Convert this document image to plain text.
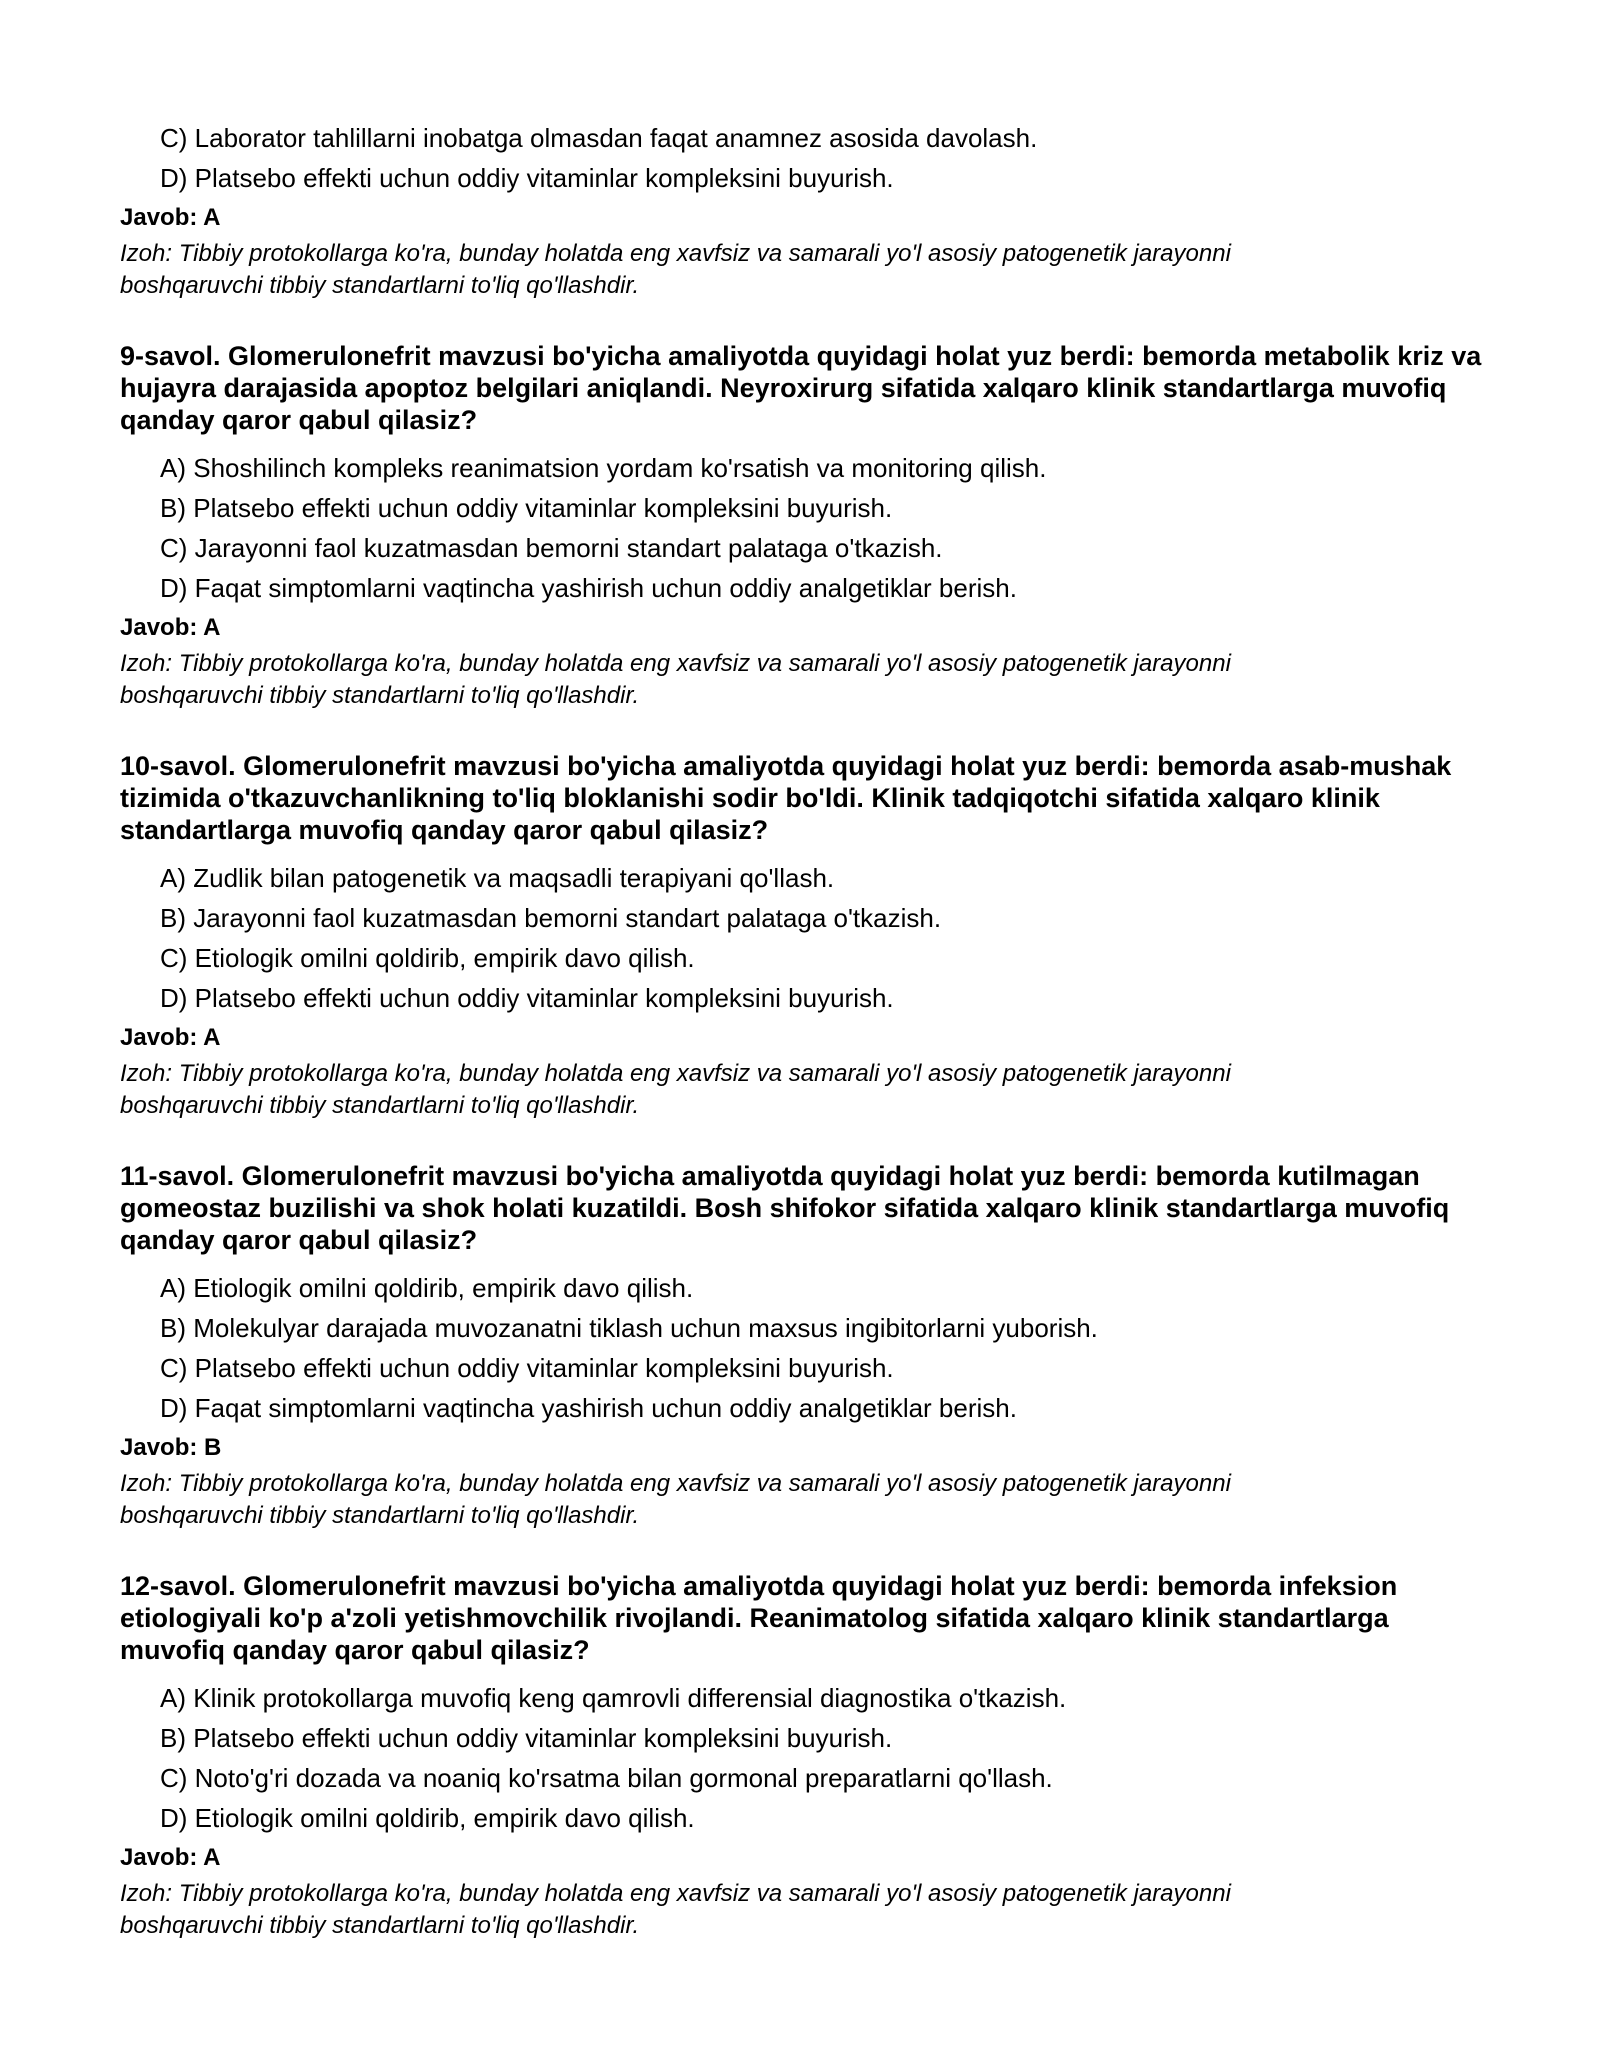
C) Laborator tahlillarni inobatga olmasdan faqat anamnez asosida davolash.
D) Platsebo effekti uchun oddiy vitaminlar kompleksini buyurish.
Javob: A
Izoh: Tibbiy protokollarga ko'ra, bunday holatda eng xavfsiz va samarali yo'l asosiy patogenetik jarayonni boshqaruvchi tibbiy standartlarni to'liq qo'llashdir.
9-savol. Glomerulonefrit mavzusi bo'yicha amaliyotda quyidagi holat yuz berdi: bemorda metabolik kriz va hujayra darajasida apoptoz belgilari aniqlandi. Neyroxirurg sifatida xalqaro klinik standartlarga muvofiq qanday qaror qabul qilasiz?
A) Shoshilinch kompleks reanimatsion yordam ko'rsatish va monitoring qilish.
B) Platsebo effekti uchun oddiy vitaminlar kompleksini buyurish.
C) Jarayonni faol kuzatmasdan bemorni standart palataga o'tkazish.
D) Faqat simptomlarni vaqtincha yashirish uchun oddiy analgetiklar berish.
Javob: A
Izoh: Tibbiy protokollarga ko'ra, bunday holatda eng xavfsiz va samarali yo'l asosiy patogenetik jarayonni boshqaruvchi tibbiy standartlarni to'liq qo'llashdir.
10-savol. Glomerulonefrit mavzusi bo'yicha amaliyotda quyidagi holat yuz berdi: bemorda asab-mushak tizimida o'tkazuvchanlikning to'liq bloklanishi sodir bo'ldi. Klinik tadqiqotchi sifatida xalqaro klinik standartlarga muvofiq qanday qaror qabul qilasiz?
A) Zudlik bilan patogenetik va maqsadli terapiyani qo'llash.
B) Jarayonni faol kuzatmasdan bemorni standart palataga o'tkazish.
C) Etiologik omilni qoldirib, empirik davo qilish.
D) Platsebo effekti uchun oddiy vitaminlar kompleksini buyurish.
Javob: A
Izoh: Tibbiy protokollarga ko'ra, bunday holatda eng xavfsiz va samarali yo'l asosiy patogenetik jarayonni boshqaruvchi tibbiy standartlarni to'liq qo'llashdir.
11-savol. Glomerulonefrit mavzusi bo'yicha amaliyotda quyidagi holat yuz berdi: bemorda kutilmagan gomeostaz buzilishi va shok holati kuzatildi. Bosh shifokor sifatida xalqaro klinik standartlarga muvofiq qanday qaror qabul qilasiz?
A) Etiologik omilni qoldirib, empirik davo qilish.
B) Molekulyar darajada muvozanatni tiklash uchun maxsus ingibitorlarni yuborish.
C) Platsebo effekti uchun oddiy vitaminlar kompleksini buyurish.
D) Faqat simptomlarni vaqtincha yashirish uchun oddiy analgetiklar berish.
Javob: B
Izoh: Tibbiy protokollarga ko'ra, bunday holatda eng xavfsiz va samarali yo'l asosiy patogenetik jarayonni boshqaruvchi tibbiy standartlarni to'liq qo'llashdir.
12-savol. Glomerulonefrit mavzusi bo'yicha amaliyotda quyidagi holat yuz berdi: bemorda infeksion etiologiyali ko'p a'zoli yetishmovchilik rivojlandi. Reanimatolog sifatida xalqaro klinik standartlarga muvofiq qanday qaror qabul qilasiz?
A) Klinik protokollarga muvofiq keng qamrovli differensial diagnostika o'tkazish.
B) Platsebo effekti uchun oddiy vitaminlar kompleksini buyurish.
C) Noto'g'ri dozada va noaniq ko'rsatma bilan gormonal preparatlarni qo'llash.
D) Etiologik omilni qoldirib, empirik davo qilish.
Javob: A
Izoh: Tibbiy protokollarga ko'ra, bunday holatda eng xavfsiz va samarali yo'l asosiy patogenetik jarayonni boshqaruvchi tibbiy standartlarni to'liq qo'llashdir.
